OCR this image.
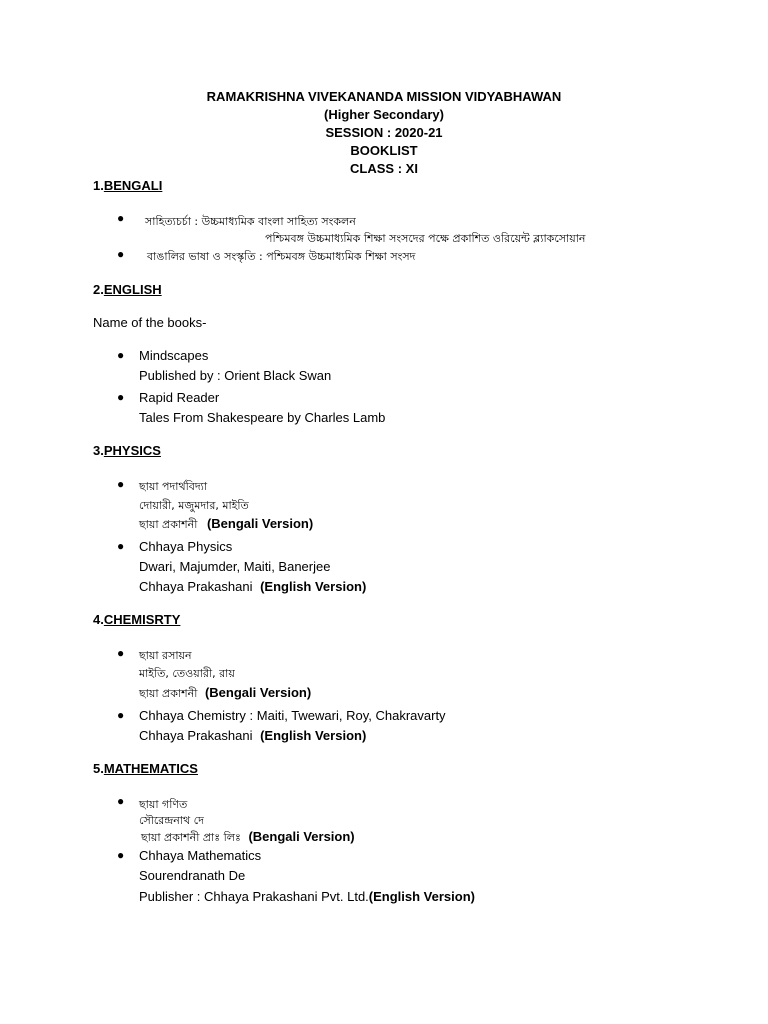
RAMAKRISHNA VIVEKANANDA MISSION VIDYABHAWAN
(Higher Secondary)
SESSION : 2020-21
BOOKLIST
CLASS : XI
1.BENGALI
● সাহিত্যচর্চা : উচ্চমাধ্যমিক বাংলা সাহিত্য সংকলন
পশ্চিমবঙ্গ উচ্চমাধ্যমিক শিক্ষা সংসদের পক্ষে প্রকাশিত ওরিয়েন্ট ব্ল্যাকসোয়ান
● বাঙালির ভাষা ও সংস্কৃতি : পশ্চিমবঙ্গ উচ্চমাধ্যমিক শিক্ষা সংসদ
2.ENGLISH
Name of the books-
● Mindscapes
Published by : Orient Black Swan
● Rapid Reader
Tales From Shakespeare by Charles Lamb
3.PHYSICS
● ছায়া পদার্থবিদ্যা
দোয়ারী, মজুমদার, মাইতি
ছায়া প্রকাশনী (Bengali Version)
● Chhaya Physics
Dwari, Majumder, Maiti, Banerjee
Chhaya Prakashani (English Version)
4.CHEMISRTY
● ছায়া রসায়ন
মাইতি, তেওয়ারী, রায়
ছায়া প্রকাশনী (Bengali Version)
● Chhaya Chemistry : Maiti, Twewari, Roy, Chakravarty
Chhaya Prakashani (English Version)
5.MATHEMATICS
● ছায়া গণিত
সৌরেন্দ্রনাথ দে
ছায়া প্রকাশনী প্রাঃ লিঃ (Bengali Version)
● Chhaya Mathematics
Sourendranath De
Publisher : Chhaya Prakashani Pvt. Ltd.(English Version)
